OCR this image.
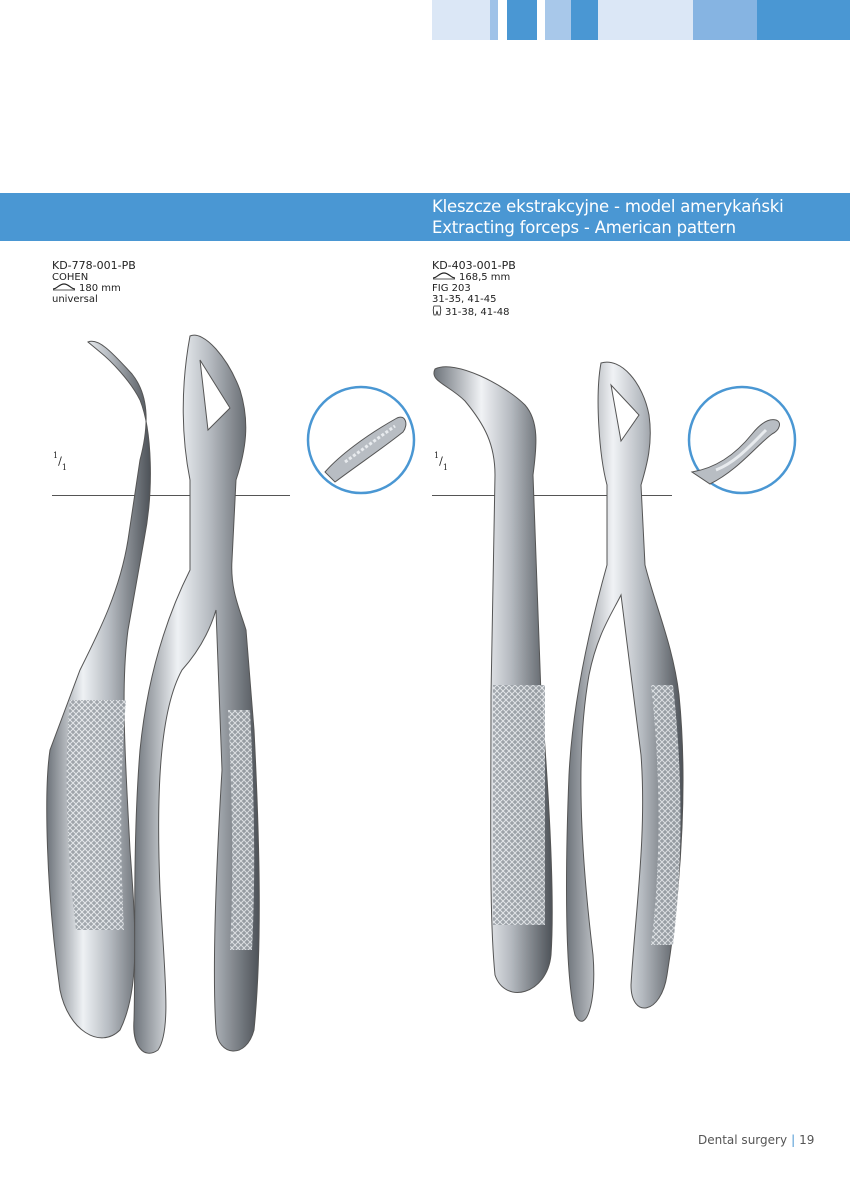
Kleszcze ekstrakcyjne - model amerykański
Extracting forceps - American pattern
KD-778-001-PB
COHEN
180 mm
universal
KD-403-001-PB
168,5 mm
FIG 203
31-35, 41-45
31-38, 41-48
$^1/_1$
$^1/_1$
Dental surgery | 19
